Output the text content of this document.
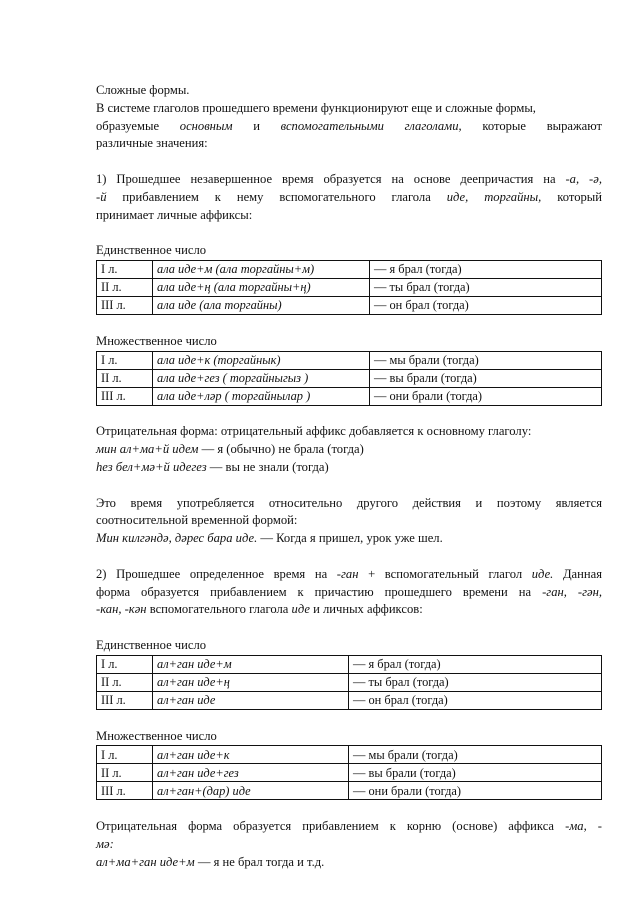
Сложные формы.

В системе глаголов прошедшего времени функционируют еще и сложные формы,

образуемые основным и вспомогательными глаголами, которые выражают

различные значения:

1) Прошедшее незавершенное время образуется на основе деепричастия на -а, -ә,

-й прибавлением к нему вспомогательного глагола иде, торгайны, который

принимает личные аффиксы:

Единственное число

I л.	ала иде+м (ала торгайны+м)	— я брал (тогда)
II л.	ала иде+ң (ала торгайны+ң)	— ты брал (тогда)
III л.	ала иде (ала торгайны)	— он брал (тогда)

Множественное число

I л.	ала иде+к (торгайнык)	— мы брали (тогда)
II л.	ала иде+гез ( торгайныгыз )	— вы брали (тогда)
III л.	ала иде+ләр ( торгайнылар )	— они брали (тогда)

Отрицательная форма: отрицательный аффикс добавляется к основному глаголу:

мин ал+ма+й идем — я (обычно) не брала (тогда)

һез бел+мә+й идегез — вы не знали (тогда)

Это время употребляется относительно другого действия и поэтому является

соотносительной временной формой:

Мин килгәндә, дәрес бара иде. — Когда я пришел, урок уже шел.

2) Прошедшее определенное время на -ган + вспомогательный глагол иде. Данная

форма образуется прибавлением к причастию прошедшего времени на -ган, -гән,

-кан, -кән вспомогательного глагола иде и личных аффиксов:

Единственное число

I л.	ал+ган иде+м	— я брал (тогда)
II л.	ал+ган иде+ң	— ты брал (тогда)
III л.	ал+ган иде	— он брал (тогда)

Множественное число

I л.	ал+ган иде+к	— мы брали (тогда)
II л.	ал+ган иде+гез	— вы брали (тогда)
III л.	ал+ган+(дар) иде	— они брали (тогда)

Отрицательная форма образуется прибавлением к корню (основе) аффикса -ма, -

мә:

ал+ма+ган иде+м — я не брал тогда и т.д.
